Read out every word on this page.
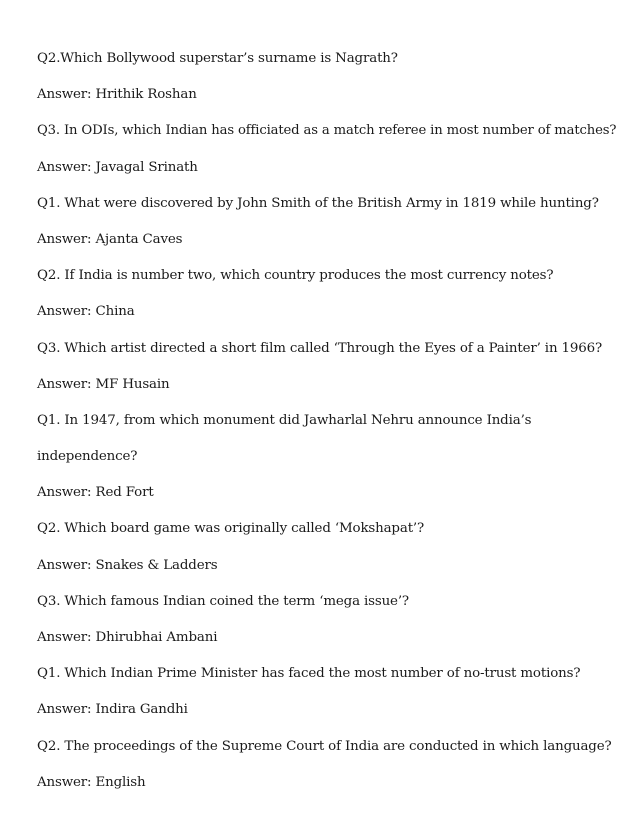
Q2.Which Bollywood superstar’s surname is Nagrath?
Answer: Hrithik Roshan
Q3. In ODIs, which Indian has officiated as a match referee in most number of matches?
Answer: Javagal Srinath
Q1. What were discovered by John Smith of the British Army in 1819 while hunting?
Answer: Ajanta Caves
Q2. If India is number two, which country produces the most currency notes?
Answer: China
Q3. Which artist directed a short film called ‘Through the Eyes of a Painter’ in 1966?
Answer: MF Husain
Q1. In 1947, from which monument did Jawharlal Nehru announce India’s
independence?
Answer: Red Fort
Q2. Which board game was originally called ‘Mokshapat’?
Answer: Snakes & Ladders
Q3. Which famous Indian coined the term ‘mega issue’?
Answer: Dhirubhai Ambani
Q1. Which Indian Prime Minister has faced the most number of no-trust motions?
Answer: Indira Gandhi
Q2. The proceedings of the Supreme Court of India are conducted in which language?
Answer: English
